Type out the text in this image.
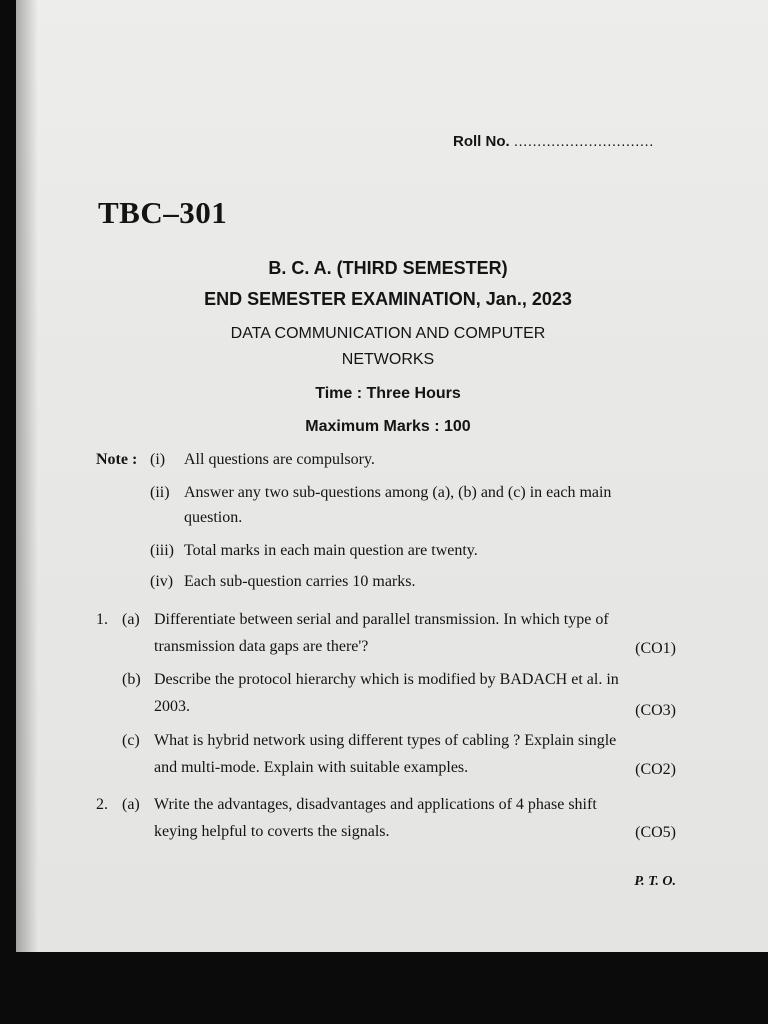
Roll No. ..............................
TBC–301
B. C. A. (THIRD SEMESTER)
END SEMESTER EXAMINATION, Jan., 2023
DATA COMMUNICATION AND COMPUTER
NETWORKS
Time : Three Hours
Maximum Marks : 100
Note : (i) All questions are compulsory.
(ii) Answer any two sub-questions among (a), (b) and (c) in each main
question.
(iii) Total marks in each main question are twenty.
(iv) Each sub-question carries 10 marks.
1. (a) Differentiate between serial and parallel transmission. In which type of
transmission data gaps are there'?	(CO1)
(b) Describe the protocol hierarchy which is modified by BADACH et al. in
2003.	(CO3)
(c) What is hybrid network using different types of cabling ? Explain single
and multi-mode. Explain with suitable examples.	(CO2)
2. (a) Write the advantages, disadvantages and applications of 4 phase shift
keying helpful to coverts the signals.	(CO5)
P. T. O.
